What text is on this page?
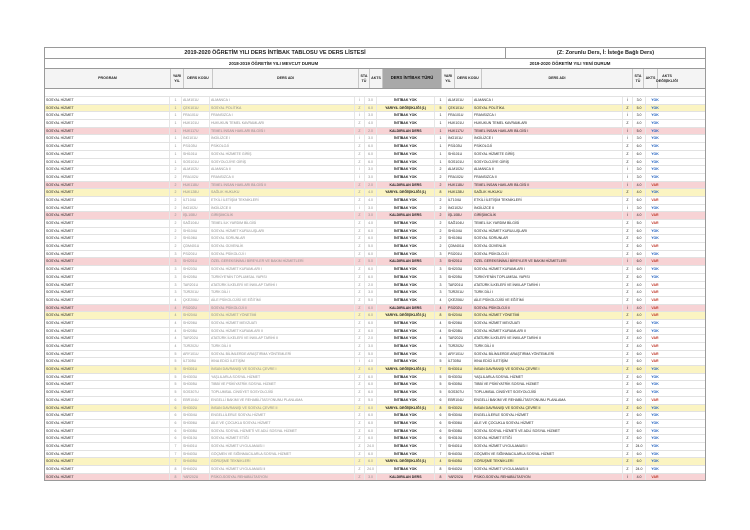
2019-2020 ÖĞRETİM YILI DERS İNTİBAK TABLOSU VE DERS LİSTESİ	(Z: Zorunlu Ders, İ: İsteğe Bağlı Ders)
2018-2019 ÖĞRETİM YILI MEVCUT DURUM	2019-2020 ÖĞRETİM YILI YENİ DURUM
PROGRAM
YARI YIL
DERS KODU	DERS ADI
STA TÜ
AKTS	DERS İNTİBAK TÜRÜ	YARI YIL
DERS KODU	DERS ADI
STA TÜ
AKTS
AKTS DEĞİŞİKLİĞİ
SOSYAL HİZMET	1	ALM101U	ALMANCA I	İ	3.0	İNTİBAK YOK	1	ALM101U	ALMANCA I	İ	3.0	YOK
SOSYAL HİZMET	1	ÇEK101U	SOSYAL POLİTİKA	Z	6.0	YARIYIL DEĞİŞİKLİĞİ (1)	5	ÇEK101U	SOSYAL POLİTİKA	Z	5.0	YOK
SOSYAL HİZMET	1	FRA101U	FRANSIZCA I	İ	3.0	İNTİBAK YOK	1	FRA101U	FRANSIZCA I	İ	3.0	YOK
SOSYAL HİZMET	1	HUK101U	HUKUKUN TEMEL KAVRAMLARI	Z	4.0	İNTİBAK YOK	1	HUK101U	HUKUKUN TEMEL KAVRAMLARI	Z	4.0	YOK
SOSYAL HİZMET	1	HUK117U	TEMEL İNSAN HAKLARI BİLGİSİ I	Z	2.0	KALDIRILAN DERS	1	HUK117U	TEMEL İNSAN HAKLARI BİLGİSİ I	İ	5.0	YOK
SOSYAL HİZMET	1	İNG101U	İNGİLİZCE I	İ	3.0	İNTİBAK YOK	1	İNG101U	İNGİLİZCE I	İ	3.0	YOK
SOSYAL HİZMET	1	PSİ103U	PSİKOLOJİ	Z	6.0	İNTİBAK YOK	1	PSİ103U	PSİKOLOJİ	Z	6.0	YOK
SOSYAL HİZMET	1	SHİ101U	SOSYAL HİZMETE GİRİŞ	Z	6.0	İNTİBAK YOK	1	SHİ101U	SOSYAL HİZMETE GİRİŞ	Z	6.0	YOK
SOSYAL HİZMET	1	SOS101U	SOSYOLOJİYE GİRİŞ	Z	6.0	İNTİBAK YOK	1	SOS101U	SOSYOLOJİYE GİRİŞ	Z	6.0	YOK
SOSYAL HİZMET	2	ALM102U	ALMANCA II	İ	3.0	İNTİBAK YOK	2	ALM102U	ALMANCA II	İ	3.0	YOK
SOSYAL HİZMET	2	FRA102U	FRANSIZCA II	İ	3.0	İNTİBAK YOK	2	FRA102U	FRANSIZCA II	İ	3.0	YOK
SOSYAL HİZMET	2	HUK118U	TEMEL İNSAN HAKLARI BİLGİSİ II	Z	2.0	KALDIRILAN DERS	2	HUK118U	TEMEL İNSAN HAKLARI BİLGİSİ II	İ	4.0	VAR
SOSYAL HİZMET	2	HUK128U	SAĞLIK HUKUKU	Z	4.0	YARIYIL DEĞİŞİKLİĞİ (1)	8	HUK128U	SAĞLIK HUKUKU	Z	4.0	YOK
SOSYAL HİZMET	2	İLT104U	ETKİLİ İLETİŞİM TEKNİKLERİ	Z	4.0	İNTİBAK YOK	2	İLT104U	ETKİLİ İLETİŞİM TEKNİKLERİ	Z	6.0	VAR
SOSYAL HİZMET	2	İNG102U	İNGİLİZCE II	İ	3.0	İNTİBAK YOK	2	İNG102U	İNGİLİZCE II	İ	3.0	YOK
SOSYAL HİZMET	2	İŞL108U	GİRİŞİMCİLİK	Z	3.0	KALDIRILAN DERS	2	İŞL108U	GİRİŞİMCİLİK	İ	4.0	VAR
SOSYAL HİZMET	2	SAĞ104U	TEMEL İLK YARDIM BİLGİSİ	Z	4.0	İNTİBAK YOK	2	SAĞ104U	TEMEL İLK YARDIM BİLGİSİ	Z	5.0	VAR
SOSYAL HİZMET	2	SHİ104U	SOSYAL HİZMET KURULUŞLARI	Z	6.0	İNTİBAK YOK	2	SHİ104U	SOSYAL HİZMET KURULUŞLARI	Z	6.0	YOK
SOSYAL HİZMET	2	SHİ106U	SOSYAL SORUNLAR	Z	6.0	İNTİBAK YOK	2	SHİ106U	SOSYAL SORUNLAR	Z	6.0	YOK
SOSYAL HİZMET	2	ÇDM401U	SOSYAL GÜVENLİK	Z	5.0	İNTİBAK YOK	2	ÇDM401U	SOSYAL GÜVENLİK	Z	6.0	VAR
SOSYAL HİZMET	3	PSİ201U	SOSYAL PSİKOLOJİ I	Z	6.0	İNTİBAK YOK	3	PSİ201U	SOSYAL PSİKOLOJİ I	Z	6.0	YOK
SOSYAL HİZMET	3	SHİ201U	ÖZEL GEREKSİNİMLİ BİREYLER VE BAKIM HİZMETLERİ	Z	5.0	KALDIRILAN DERS	3	SHİ201U	ÖZEL GEREKSİNİMLİ BİREYLER VE BAKIM HİZMETLERİ	İ	6.0	VAR
SOSYAL HİZMET	3	SHİ203U	SOSYAL HİZMET KURAMLARI I	Z	6.0	İNTİBAK YOK	3	SHİ203U	SOSYAL HİZMET KURAMLARI I	Z	6.0	YOK
SOSYAL HİZMET	3	SHİ205U	TÜRKİYE'NİN TOPLUMSAL YAPISI	Z	6.0	İNTİBAK YOK	3	SHİ205U	TÜRKİYE'NİN TOPLUMSAL YAPISI	Z	6.0	YOK
SOSYAL HİZMET	3	TAR201U	ATATÜRK İLKELERİ VE İNKILAP TARİHİ I	Z	2.0	İNTİBAK YOK	3	TAR201U	ATATÜRK İLKELERİ VE İNKILAP TARİHİ I	Z	4.0	VAR
SOSYAL HİZMET	3	TÜR201U	TÜRK DİLİ I	Z	3.0	İNTİBAK YOK	3	TÜR201U	TÜRK DİLİ I	Z	4.0	VAR
SOSYAL HİZMET	4	ÇKE206U	AİLE PSİKOLOJİSİ VE EĞİTİMİ	Z	5.0	İNTİBAK YOK	4	ÇKE206U	AİLE PSİKOLOJİSİ VE EĞİTİMİ	Z	6.0	VAR
SOSYAL HİZMET	4	PSİ202U	SOSYAL PSİKOLOJİ II	Z	6.0	KALDIRILAN DERS	4	PSİ202U	SOSYAL PSİKOLOJİ II	İ	4.0	VAR
SOSYAL HİZMET	4	SHİ204U	SOSYAL HİZMET YÖNETİMİ	Z	6.0	YARIYIL DEĞİŞİKLİĞİ (1)	8	SHİ204U	SOSYAL HİZMET YÖNETİMİ	Z	4.0	VAR
SOSYAL HİZMET	4	SHİ206U	SOSYAL HİZMET MEVZUATI	Z	6.0	İNTİBAK YOK	4	SHİ206U	SOSYAL HİZMET MEVZUATI	Z	6.0	YOK
SOSYAL HİZMET	4	SHİ208U	SOSYAL HİZMET KURAMLARI II	Z	6.0	İNTİBAK YOK	4	SHİ208U	SOSYAL HİZMET KURAMLARI II	Z	6.0	YOK
SOSYAL HİZMET	4	TAR202U	ATATÜRK İLKELERİ VE İNKILAP TARİHİ II	Z	2.0	İNTİBAK YOK	4	TAR202U	ATATÜRK İLKELERİ VE İNKILAP TARİHİ II	Z	4.0	VAR
SOSYAL HİZMET	4	TÜR202U	TÜRK DİLİ II	Z	3.0	İNTİBAK YOK	4	TÜR202U	TÜRK DİLİ II	Z	4.0	VAR
SOSYAL HİZMET	5	ARY101U	SOSYAL BİLİMLERDE ARAŞTIRMA YÖNTEMLERİ	Z	5.0	İNTİBAK YOK	5	ARY101U	SOSYAL BİLİMLERDE ARAŞTIRMA YÖNTEMLERİ	Z	6.0	VAR
SOSYAL HİZMET	5	İLT305U	İKNA EDİCİ İLETİŞİM	İ	4.0	İNTİBAK YOK	5	İLT305U	İKNA EDİCİ İLETİŞİM	Z	6.0	VAR
SOSYAL HİZMET	5	SHİ301U	İNSAN DAVRANIŞI VE SOSYAL ÇEVRE I	Z	6.0	YARIYIL DEĞİŞİKLİĞİ (1)	7	SHİ301U	İNSAN DAVRANIŞI VE SOSYAL ÇEVRE I	Z	6.0	YOK
SOSYAL HİZMET	5	SHİ303U	YAŞLILARLA SOSYAL HİZMET	Z	6.0	İNTİBAK YOK	5	SHİ303U	YAŞLILARLA SOSYAL HİZMET	Z	6.0	YOK
SOSYAL HİZMET	5	SHİ305U	TIBBİ VE PSİKİYATRİK SOSYAL HİZMET	Z	6.0	İNTİBAK YOK	5	SHİ305U	TIBBİ VE PSİKİYATRİK SOSYAL HİZMET	Z	6.0	YOK
SOSYAL HİZMET	5	SOS307U	TOPLUMSAL CİNSİYET SOSYOLOJİSİ	Z	6.0	İNTİBAK YOK	5	SOS307U	TOPLUMSAL CİNSİYET SOSYOLOJİSİ	Z	6.0	YOK
SOSYAL HİZMET	6	EBR104U	ENGELLİ BAKIMI VE REHABİLİTASYONUNU PLANLAMA	Z	5.0	İNTİBAK YOK	6	EBR104U	ENGELLİ BAKIMI VE REHABİLİTASYONUNU PLANLAMA	Z	6.0	VAR
SOSYAL HİZMET	6	SHİ302U	İNSAN DAVRANIŞI VE SOSYAL ÇEVRE II	Z	6.0	YARIYIL DEĞİŞİKLİĞİ (1)	8	SHİ302U	İNSAN DAVRANIŞI VE SOSYAL ÇEVRE II	Z	6.0	YOK
SOSYAL HİZMET	6	SHİ304U	ENGELLİLERLE SOSYAL HİZMET	Z	6.0	İNTİBAK YOK	6	SHİ304U	ENGELLİLERLE SOSYAL HİZMET	Z	6.0	YOK
SOSYAL HİZMET	6	SHİ306U	AİLE VE ÇOCUKLA SOSYAL HİZMET	Z	6.0	İNTİBAK YOK	6	SHİ306U	AİLE VE ÇOCUKLA SOSYAL HİZMET	Z	6.0	YOK
SOSYAL HİZMET	6	SHİ308U	SOSYAL SOSYAL HİZMETİ VE ADLİ SOSYAL HİZMET	Z	6.0	İNTİBAK YOK	6	SHİ308U	SOSYAL SOSYAL HİZMETİ VE ADLİ SOSYAL HİZMET	Z	6.0	YOK
SOSYAL HİZMET	6	SHİ310U	SOSYAL HİZMET ETİĞİ	Z	6.0	İNTİBAK YOK	6	SHİ310U	SOSYAL HİZMET ETİĞİ	Z	6.0	YOK
SOSYAL HİZMET	7	SHİ401U	SOSYAL HİZMET UYGULAMASI I	Z	24.0	İNTİBAK YOK	7	SHİ401U	SOSYAL HİZMET UYGULAMASI I	Z	24.0	YOK
SOSYAL HİZMET	7	SHİ403U	GÖÇMEN VE SIĞINMACILARLA SOSYAL HİZMET	Z	6.0	İNTİBAK YOK	7	SHİ403U	GÖÇMEN VE SIĞINMACILARLA SOSYAL HİZMET	Z	6.0	YOK
SOSYAL HİZMET	7	SHİ405U	GÖRÜŞME TEKNİKLERİ	Z	6.0	YARIYIL DEĞİŞİKLİĞİ (1)	4	SHİ405U	GÖRÜŞME TEKNİKLERİ	Z	6.0	YOK
SOSYAL HİZMET	8	SHİ402U	SOSYAL HİZMET UYGULAMASI II	Z	24.0	İNTİBAK YOK	8	SHİ402U	SOSYAL HİZMET UYGULAMASI II	Z	24.0	YOK
SOSYAL HİZMET	8	YAR202U	PSİKO-SOSYAL REHABİLİTASYON	Z	3.0	KALDIRILAN DERS	8	YAR202U	PSİKO-SOSYAL REHABİLİTASYON	İ	4.0	VAR
